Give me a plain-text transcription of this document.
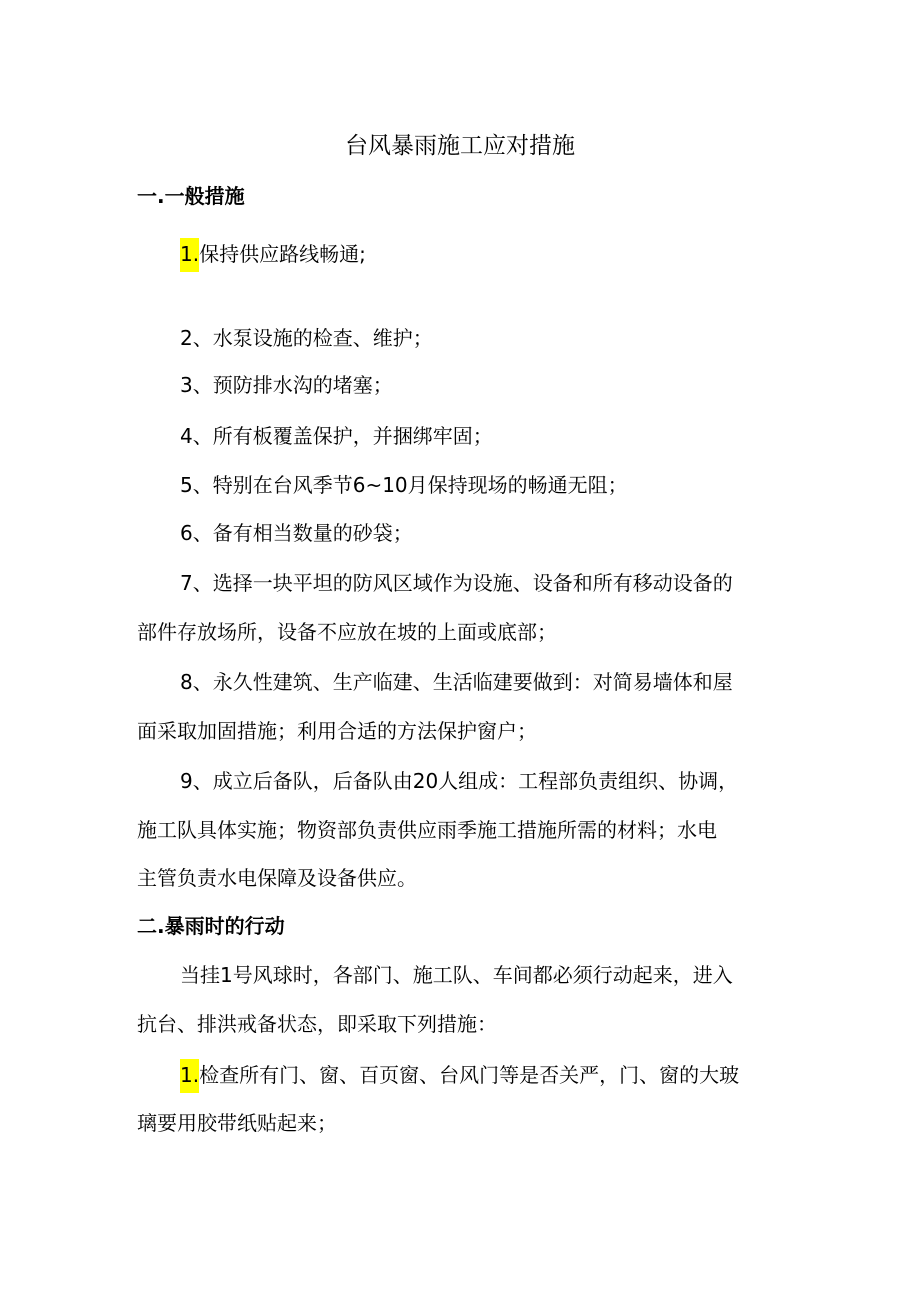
台风暴雨施工应对措施
一.一般措施
1.保持供应路线畅通;
2、水泵设施的检查、维护；
3、预防排水沟的堵塞；
4、所有板覆盖保护，并捆绑牢固；
5、特别在台风季节6~10月保持现场的畅通无阻；
6、备有相当数量的砂袋；
7、选择一块平坦的防风区域作为设施、设备和所有移动设备的
部件存放场所，设备不应放在坡的上面或底部；
8、永久性建筑、生产临建、生活临建要做到：对简易墙体和屋
面采取加固措施；利用合适的方法保护窗户；
9、成立后备队，后备队由20人组成：工程部负责组织、协调，
施工队具体实施；物资部负责供应雨季施工措施所需的材料；水电
主管负责水电保障及设备供应。
二.暴雨时的行动
当挂1号风球时，各部门、施工队、车间都必须行动起来，进入
抗台、排洪戒备状态，即采取下列措施：
1.检查所有门、窗、百页窗、台风门等是否关严，门、窗的大玻
璃要用胶带纸贴起来；
